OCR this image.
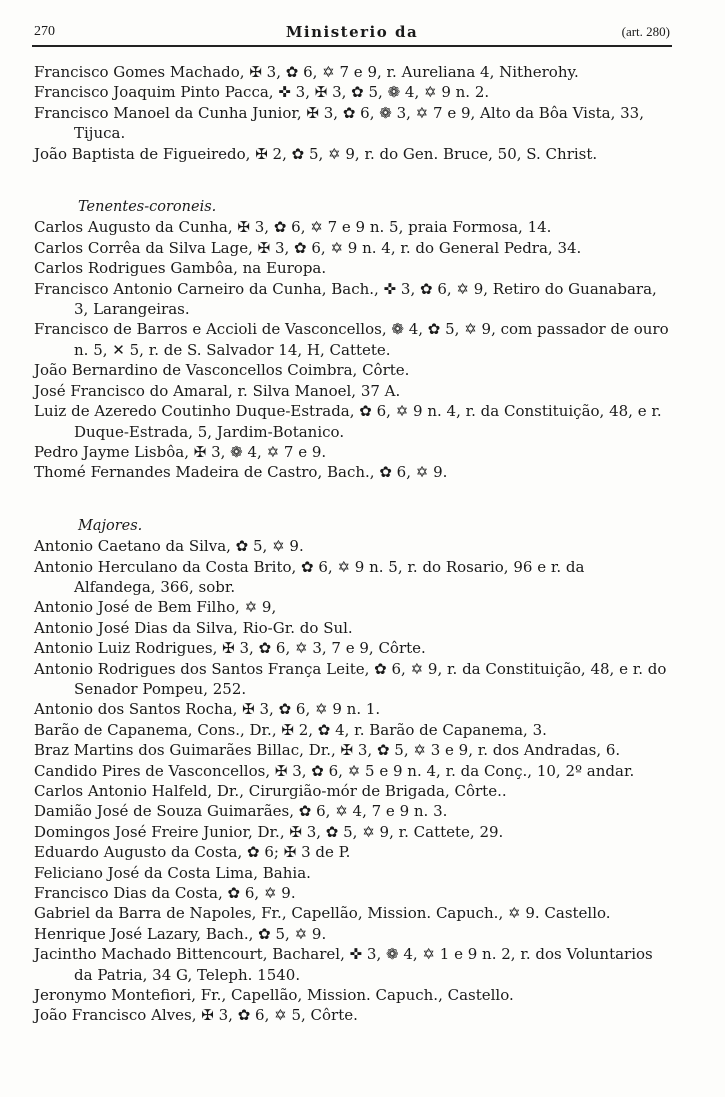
270	Ministerio da	(art. 280)
Francisco Gomes Machado, ✠ 3, ✿ 6, ✡ 7 e 9, r. Aureliana 4, Nitherohy.
Francisco Joaquim Pinto Pacca, ✜ 3, ✠ 3, ✿ 5, ❁ 4, ✡ 9 n. 2.
Francisco Manoel da Cunha Junior, ✠ 3, ✿ 6, ❁ 3, ✡ 7 e 9, Alto da Bôa Vista, 33, Tijuca.
João Baptista de Figueiredo, ✠ 2, ✿ 5, ✡ 9, r. do Gen. Bruce, 50, S. Christ.
Tenentes-coroneis.
Carlos Augusto da Cunha, ✠ 3, ✿ 6, ✡ 7 e 9 n. 5, praia Formosa, 14.
Carlos Corrêa da Silva Lage, ✠ 3, ✿ 6, ✡ 9 n. 4, r. do General Pedra, 34.
Carlos Rodrigues Gambôa, na Europa.
Francisco Antonio Carneiro da Cunha, Bach., ✜ 3, ✿ 6, ✡ 9, Retiro do Guanabara, 3, Larangeiras.
Francisco de Barros e Accioli de Vasconcellos, ❁ 4, ✿ 5, ✡ 9, com passador de ouro n. 5, ✕ 5, r. de S. Salvador 14, H, Cattete.
João Bernardino de Vasconcellos Coimbra, Côrte.
José Francisco do Amaral, r. Silva Manoel, 37 A.
Luiz de Azeredo Coutinho Duque-Estrada, ✿ 6, ✡ 9 n. 4, r. da Constituição, 48, e r. Duque-Estrada, 5, Jardim-Botanico.
Pedro Jayme Lisbôa, ✠ 3, ❁ 4, ✡ 7 e 9.
Thomé Fernandes Madeira de Castro, Bach., ✿ 6, ✡ 9.
Majores.
Antonio Caetano da Silva, ✿ 5, ✡ 9.
Antonio Herculano da Costa Brito, ✿ 6, ✡ 9 n. 5, r. do Rosario, 96 e r. da Alfandega, 366, sobr.
Antonio José de Bem Filho, ✡ 9,
Antonio José Dias da Silva, Rio-Gr. do Sul.
Antonio Luiz Rodrigues, ✠ 3, ✿ 6, ✡ 3, 7 e 9, Côrte.
Antonio Rodrigues dos Santos França Leite, ✿ 6, ✡ 9, r. da Constituição, 48, e r. do Senador Pompeu, 252.
Antonio dos Santos Rocha, ✠ 3, ✿ 6, ✡ 9 n. 1.
Barão de Capanema, Cons., Dr., ✠ 2, ✿ 4, r. Barão de Capanema, 3.
Braz Martins dos Guimarães Billac, Dr., ✠ 3, ✿ 5, ✡ 3 e 9, r. dos Andradas, 6.
Candido Pires de Vasconcellos, ✠ 3, ✿ 6, ✡ 5 e 9 n. 4, r. da Conç., 10, 2º andar.
Carlos Antonio Halfeld, Dr., Cirurgião-mór de Brigada, Côrte..
Damião José de Souza Guimarães, ✿ 6, ✡ 4, 7 e 9 n. 3.
Domingos José Freire Junior, Dr., ✠ 3, ✿ 5, ✡ 9, r. Cattete, 29.
Eduardo Augusto da Costa, ✿ 6; ✠ 3 de P.
Feliciano José da Costa Lima, Bahia.
Francisco Dias da Costa, ✿ 6, ✡ 9.
Gabriel da Barra de Napoles, Fr., Capellão, Mission. Capuch., ✡ 9. Castello.
Henrique José Lazary, Bach., ✿ 5, ✡ 9.
Jacintho Machado Bittencourt, Bacharel, ✜ 3, ❁ 4, ✡ 1 e 9 n. 2, r. dos Voluntarios da Patria, 34 G, Teleph. 1540.
Jeronymo Montefiori, Fr., Capellão, Mission. Capuch., Castello.
João Francisco Alves, ✠ 3, ✿ 6, ✡ 5, Côrte.
